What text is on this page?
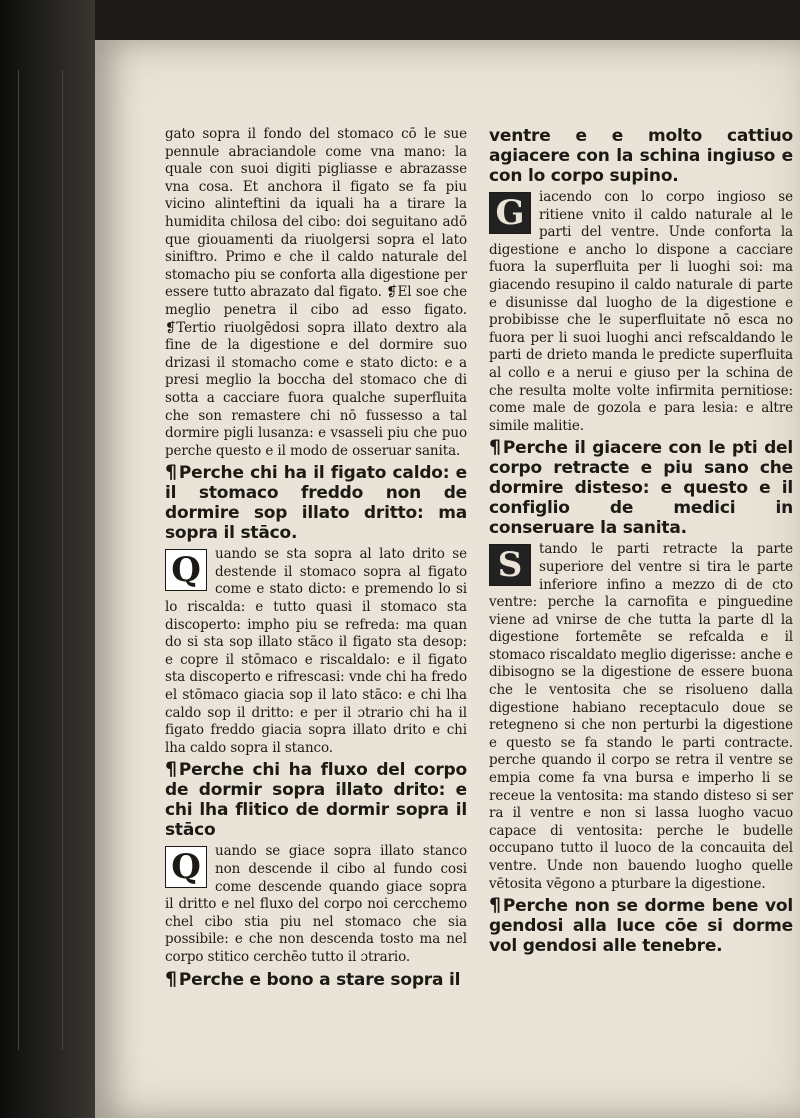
gato sopra il fondo del stomaco cō le sue pennule abraciandole come vna mano: la quale con suoi digiti pigliasse e abrazasse vna cosa. Et anchora il figato se fa piu vicino alinteftini da iquali ha a tirare la humidita chilosa del cibo: doi seguitano adō que giouamenti da riuolgersi sopra el lato siniftro. Primo e che il caldo naturale del stomacho piu se conforta alla digestione per essere tutto abrazato dal figato. ❡El soe che meglio penetra il cibo ad esso figato. ❡Tertio riuolgēdosi sopra illato dextro ala fine de la digestione e del dormire suo drizasi il stomacho come e stato dicto: e a presi meglio la boccha del stomaco che di sotta a cacciare fuora qualche superfluita che son remastere chi nō fussesso a tal dormire pigli lusanza: e vsasseli piu che puo perche questo e il modo de osseruar sanita.

¶ Perche chi ha il figato caldo: e il stomaco freddo non de dormire sop illato dritto: ma sopra il stāco.

Q	uando se sta sopra al lato drito se destende il stomaco sopra al figato come e stato dicto: e premendo lo si lo riscalda: e tutto quasi il stomaco sta discoperto: impho piu se refreda: ma quan do si sta sop illato stāco il figato sta desop: e copre il stōmaco e riscaldalo: e il figato sta discoperto e rifrescasi: vnde chi ha fredo el stōmaco giacia sop il lato stāco: e chi lha caldo sop il dritto: e per il ɔtrario chi ha il figato freddo giacia sopra illato drito e chi lha caldo sopra il stanco.

¶ Perche chi ha fluxo del corpo de dormir sopra illato drito: e chi lha flitico de dormir sopra il stāco

Q	uando se giace sopra illato stanco non descende il cibo al fundo cosi come descende quando giace sopra il dritto e nel fluxo del corpo noi cercchemo chel cibo stia piu nel stomaco che sia possibile: e che non descenda tosto ma nel corpo stitico cerchēo tutto il ɔtrario.

¶ Perche e bono a stare sopra il
ventre e e molto cattiuo agiacere con la schina ingiuso e con lo corpo supino.

G	iacendo con lo corpo ingioso se ritiene vnito il caldo naturale al le parti del ventre. Unde conforta la digestione e ancho lo dispone a cacciare fuora la superfluita per li luoghi soi: ma giacendo resupino il caldo naturale di parte e disunisse dal luogho de la digestione e probibisse che le superfluitate nō esca no fuora per li suoi luoghi anci refscaldando le parti de drieto manda le predicte superfluita al collo e a nerui e giuso per la schina de che resulta molte volte infirmita pernitiose: come male de gozola e para lesia: e altre simile malitie.

¶ Perche il giacere con le pti del corpo retracte e piu sano che dormire disteso: e questo e il configlio de medici in conseruare la sanita.

S	tando le parti retracte la parte superiore del ventre si tira le parte inferiore infino a mezzo di de cto ventre: perche la carnofita e pinguedine viene ad vnirse de che tutta la parte dl la digestione fortemēte se refcalda e il stomaco riscaldato meglio digerisse: anche e dibisogno se la digestione de essere buona che le ventosita che se risolueno dalla digestione habiano receptaculo doue se retegneno si che non perturbi la digestione e questo se fa stando le parti contracte. perche quando il corpo se retra il ventre se empia come fa vna bursa e imperho li se receue la ventosita: ma stando disteso si ser ra il ventre e non si lassa luogho vacuo capace di ventosita: perche le budelle occupano tutto il luoco de la concauita del ventre. Unde non bauendo luogho quelle vētosita vēgono a pturbare la digestione.

¶ Perche non se dorme bene vol gendosi alla luce cōe si dorme vol gendosi alle tenebre.
